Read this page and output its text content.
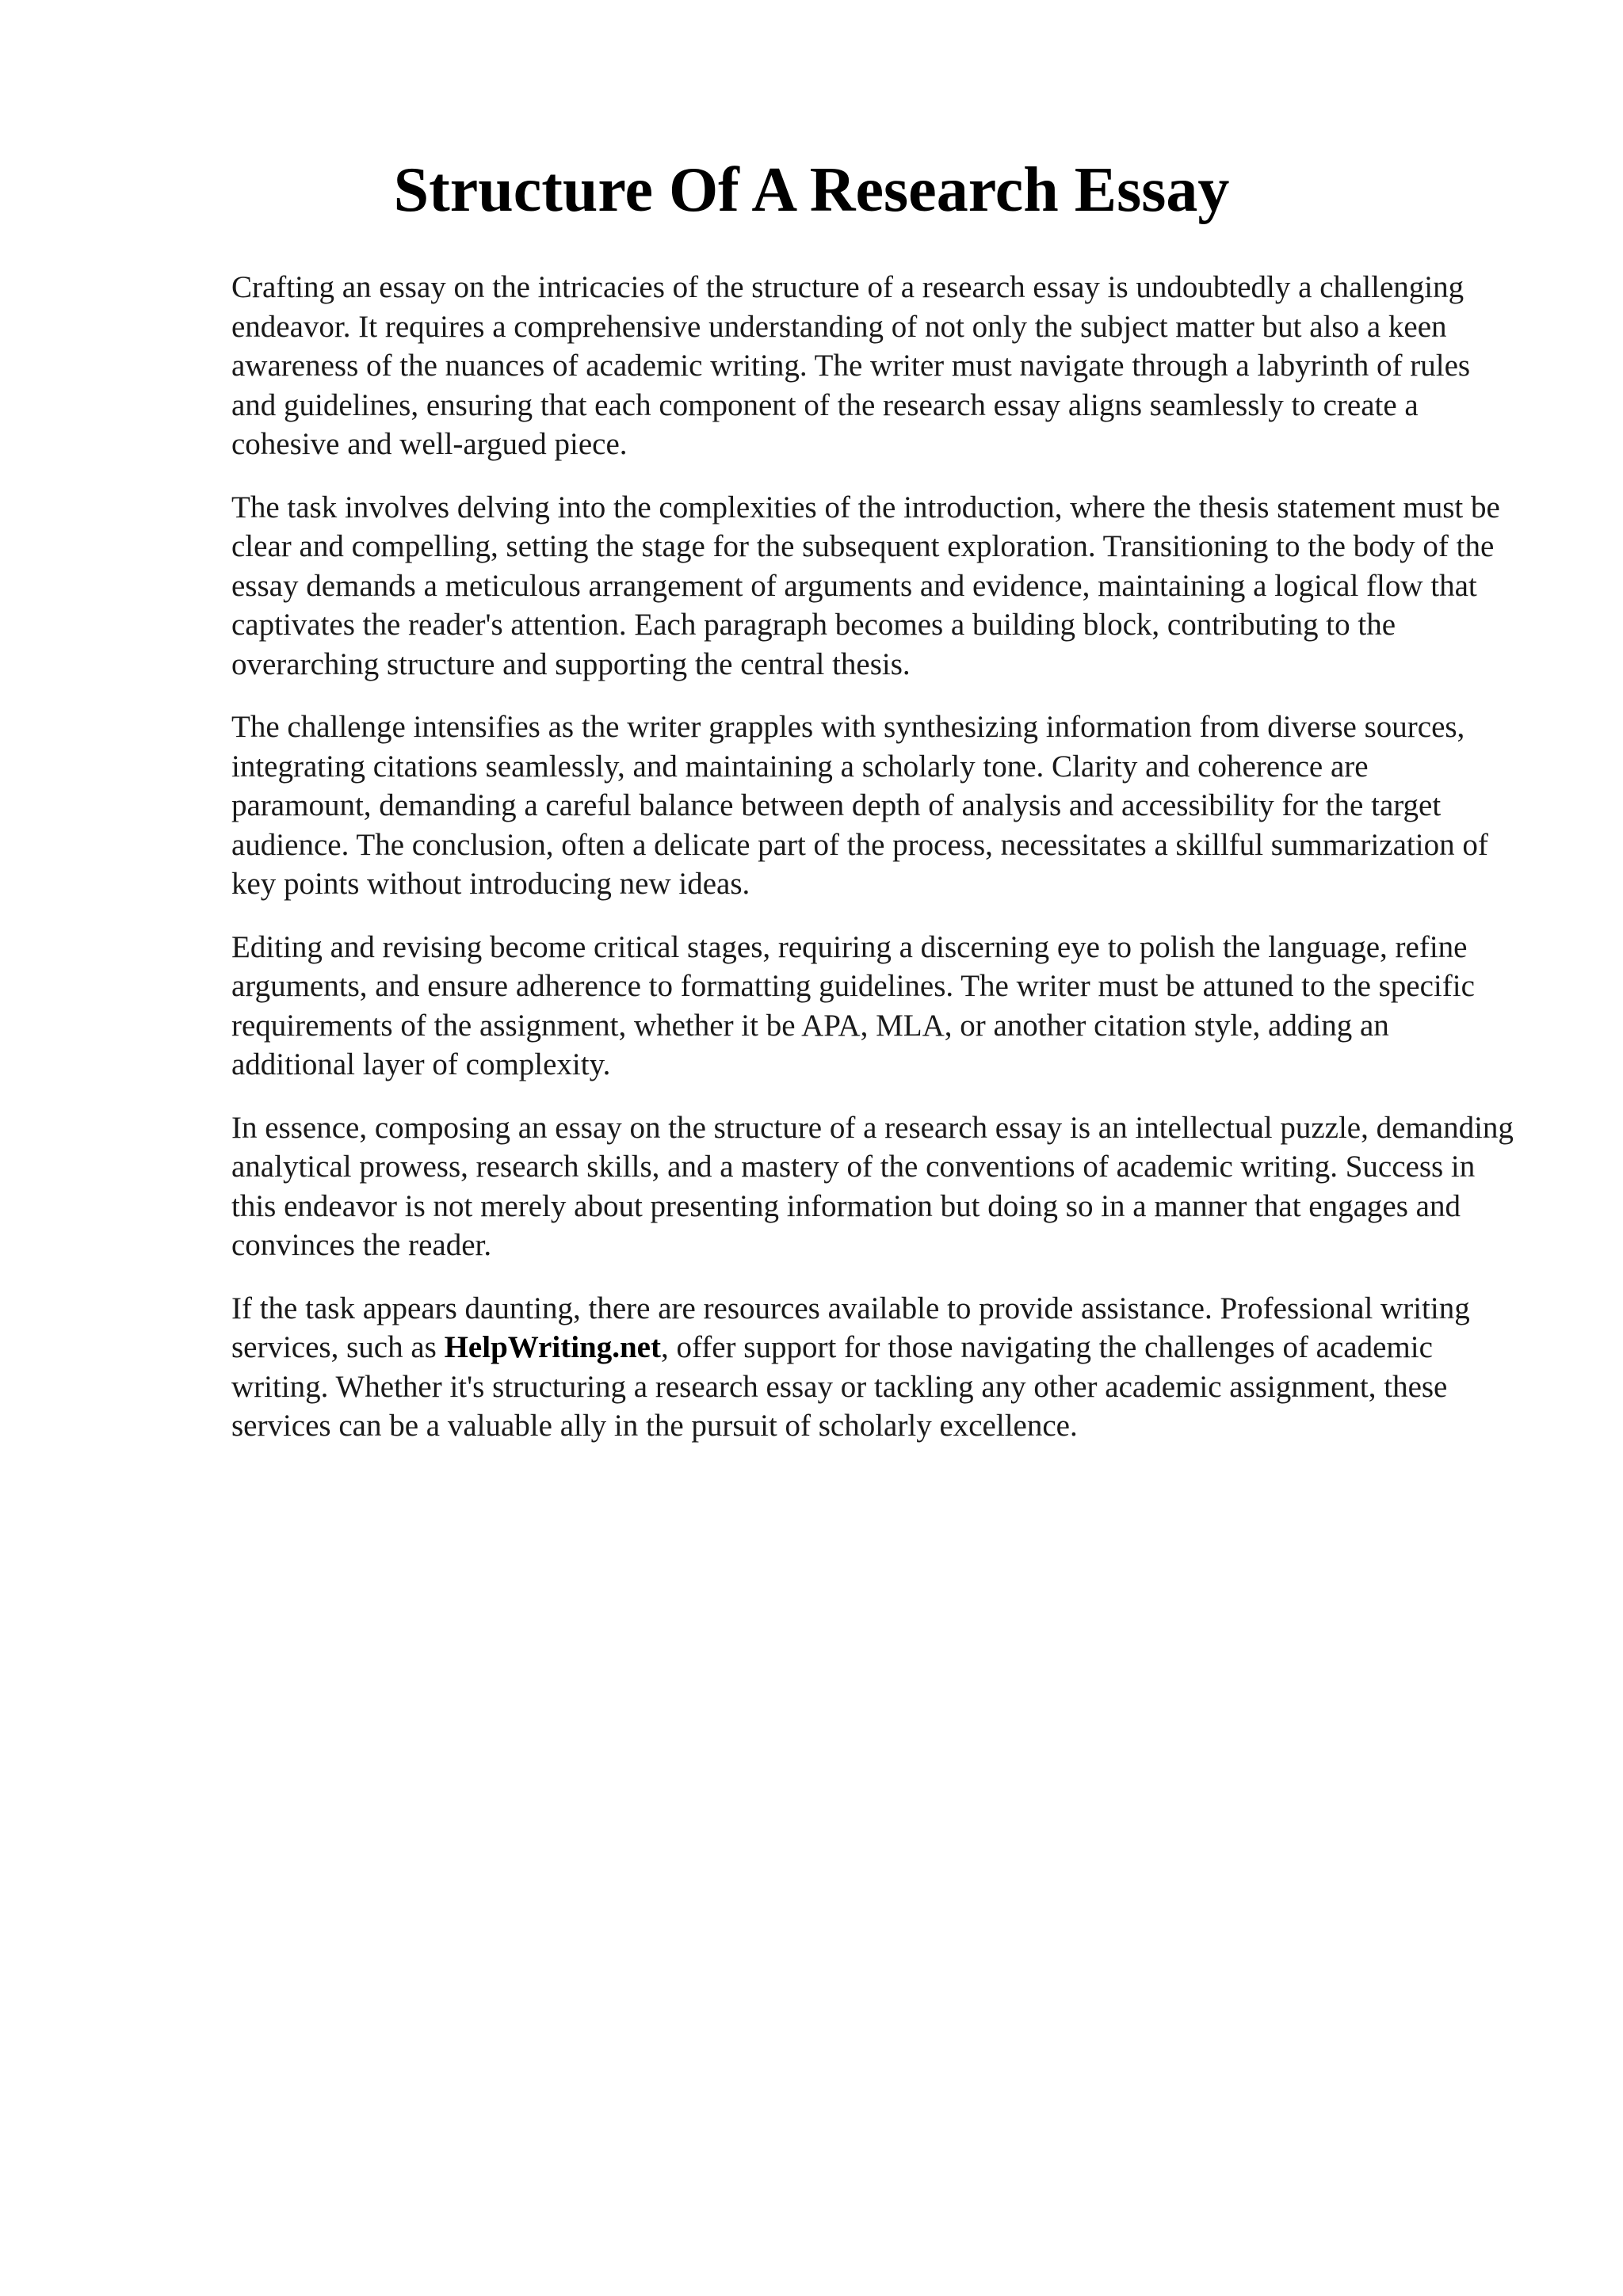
Structure Of A Research Essay

Crafting an essay on the intricacies of the structure of a research essay is undoubtedly a challenging endeavor. It requires a comprehensive understanding of not only the subject matter but also a keen awareness of the nuances of academic writing. The writer must navigate through a labyrinth of rules and guidelines, ensuring that each component of the research essay aligns seamlessly to create a cohesive and well-argued piece.

The task involves delving into the complexities of the introduction, where the thesis statement must be clear and compelling, setting the stage for the subsequent exploration. Transitioning to the body of the essay demands a meticulous arrangement of arguments and evidence, maintaining a logical flow that captivates the reader's attention. Each paragraph becomes a building block, contributing to the overarching structure and supporting the central thesis.

The challenge intensifies as the writer grapples with synthesizing information from diverse sources, integrating citations seamlessly, and maintaining a scholarly tone. Clarity and coherence are paramount, demanding a careful balance between depth of analysis and accessibility for the target audience. The conclusion, often a delicate part of the process, necessitates a skillful summarization of key points without introducing new ideas.

Editing and revising become critical stages, requiring a discerning eye to polish the language, refine arguments, and ensure adherence to formatting guidelines. The writer must be attuned to the specific requirements of the assignment, whether it be APA, MLA, or another citation style, adding an additional layer of complexity.

In essence, composing an essay on the structure of a research essay is an intellectual puzzle, demanding analytical prowess, research skills, and a mastery of the conventions of academic writing. Success in this endeavor is not merely about presenting information but doing so in a manner that engages and convinces the reader.

If the task appears daunting, there are resources available to provide assistance. Professional writing services, such as HelpWriting.net, offer support for those navigating the challenges of academic writing. Whether it's structuring a research essay or tackling any other academic assignment, these services can be a valuable ally in the pursuit of scholarly excellence.
